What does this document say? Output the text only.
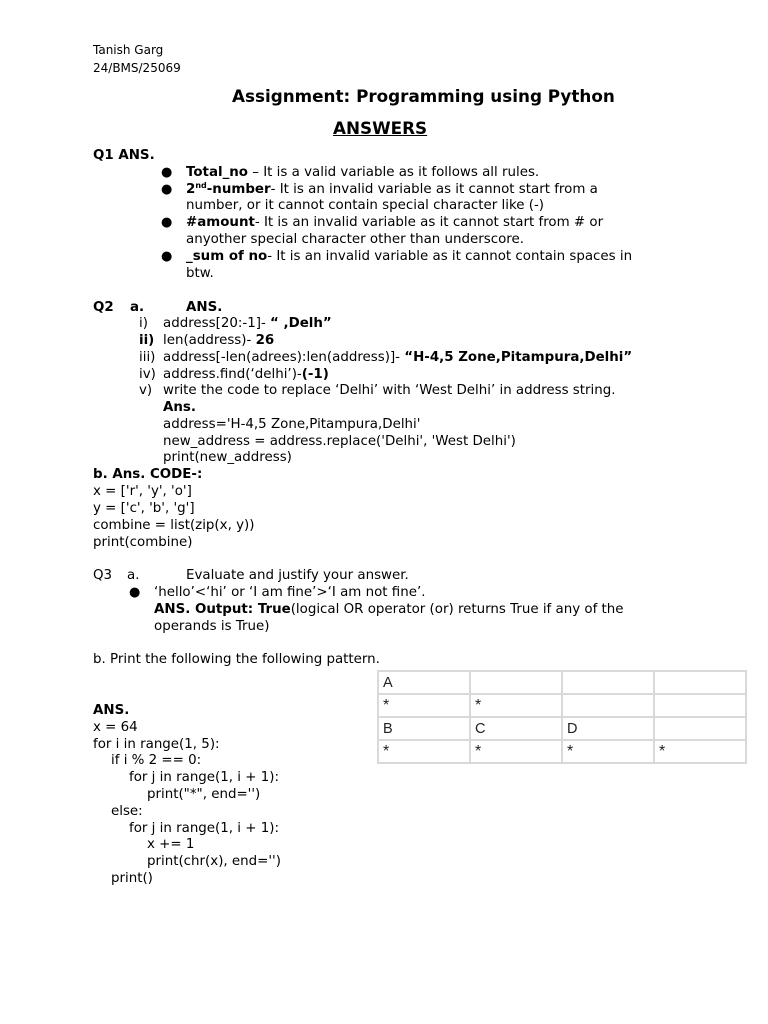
Tanish Garg
24/BMS/25069
Assignment: Programming using Python
ANSWERS
Q1 ANS.
● Total_no – It is a valid variable as it follows all rules.
● 2nd-number- It is an invalid variable as it cannot start from a
number, or it cannot contain special character like (-)
● #amount- It is an invalid variable as it cannot start from # or
anyother special character other than underscore.
● _sum of no- It is an invalid variable as it cannot contain spaces in
btw.
Q2 a.	ANS.
i) address[20:-1]- “ ,Delh”
ii) len(address)- 26
iii) address[-len(adrees):len(address)]- “H-4,5 Zone,Pitampura,Delhi”
iv) address.find(‘delhi’)-(-1)
v) write the code to replace ‘Delhi’ with ‘West Delhi’ in address string.
Ans.
address='H-4,5 Zone,Pitampura,Delhi'
new_address = address.replace('Delhi', 'West Delhi')
print(new_address)
b. Ans. CODE-:
x = ['r', 'y', 'o']
y = ['c', 'b', 'g']
combine = list(zip(x, y))
print(combine)
Q3 a.	Evaluate and justify your answer.
● ‘hello’<‘hi’ or ‘I am fine’>‘I am not fine’.
ANS. Output: True(logical OR operator (or) returns True if any of the
operands is True)
b. Print the following the following pattern.
A			
*	*		
B	C	D	
*	*	*	*
ANS.
x = 64
for i in range(1, 5):
if i % 2 == 0:
for j in range(1, i + 1):
print("*", end='')
else:
for j in range(1, i + 1):
x += 1
print(chr(x), end='')
print()
